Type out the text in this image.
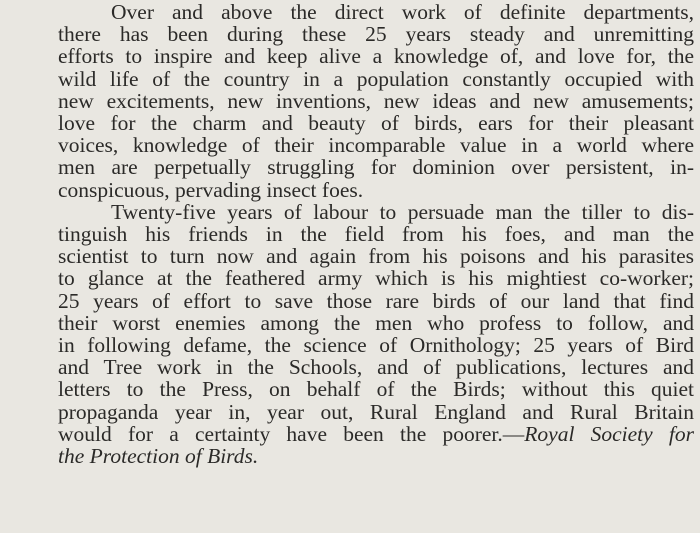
Over and above the direct work of definite departments,
there has been during these 25 years steady and unremitting
efforts to inspire and keep alive a knowledge of, and love for, the
wild life of the country in a population constantly occupied with
new excitements, new inventions, new ideas and new amusements;
love for the charm and beauty of birds, ears for their pleasant
voices, knowledge of their incomparable value in a world where
men are perpetually struggling for dominion over persistent, in-
conspicuous, pervading insect foes.
Twenty-five years of labour to persuade man the tiller to dis-
tinguish his friends in the field from his foes, and man the
scientist to turn now and again from his poisons and his parasites
to glance at the feathered army which is his mightiest co-worker;
25 years of effort to save those rare birds of our land that find
their worst enemies among the men who profess to follow, and
in following defame, the science of Ornithology; 25 years of Bird
and Tree work in the Schools, and of publications, lectures and
letters to the Press, on behalf of the Birds; without this quiet
propaganda year in, year out, Rural England and Rural Britain
would for a certainty have been the poorer.—Royal Society for
the Protection of Birds.
